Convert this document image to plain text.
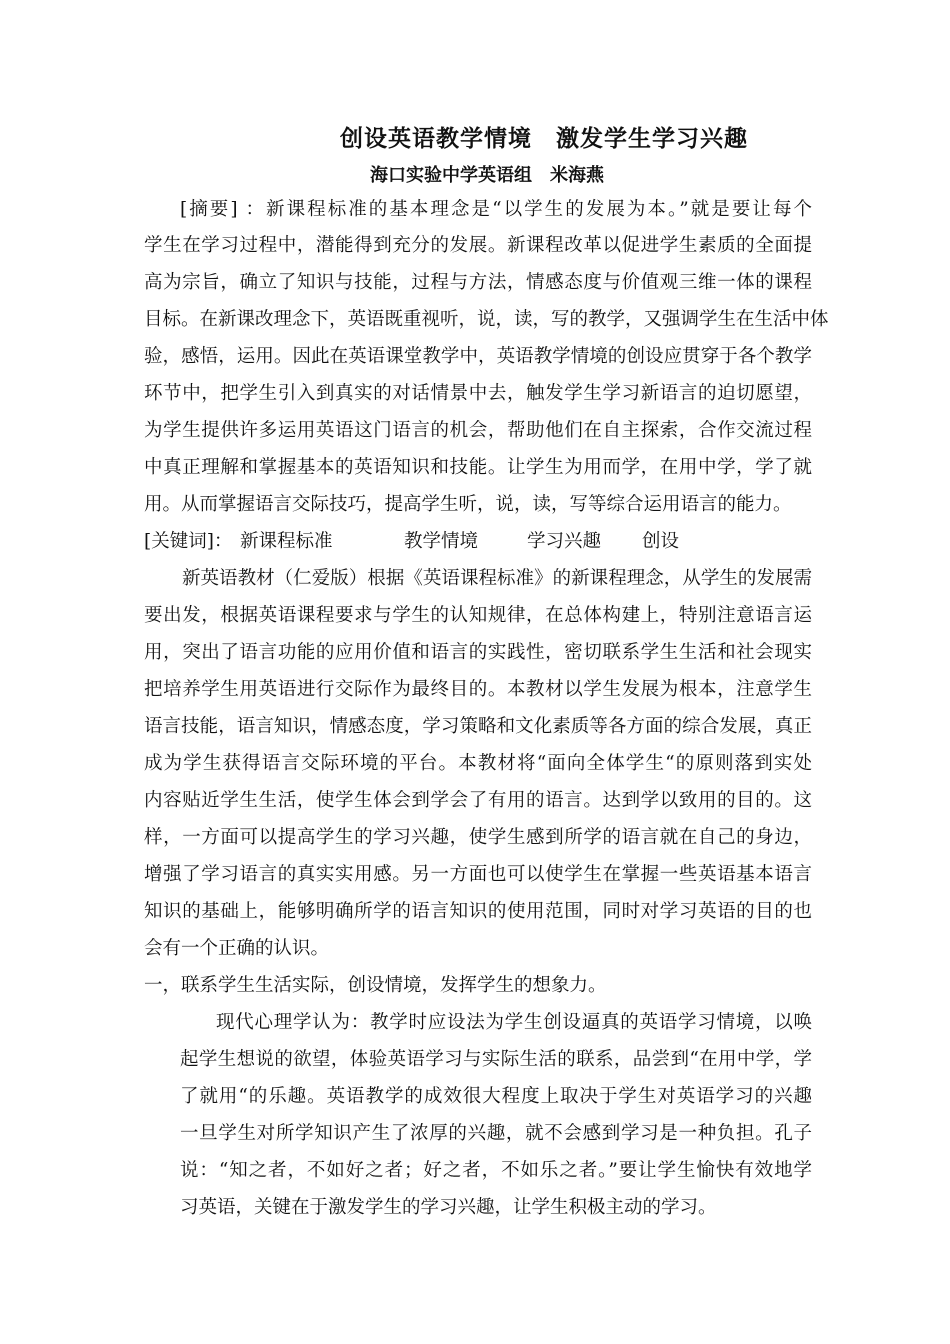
创设英语教学情境　激发学生学习兴趣
海口实验中学英语组　米海燕
[摘要] ：新课程标准的基本理念是“以学生的发展为本。”就是要让每个
学生在学习过程中，潜能得到充分的发展。新课程改革以促进学生素质的全面提
高为宗旨，确立了知识与技能，过程与方法，情感态度与价值观三维一体的课程
目标。在新课改理念下，英语既重视听，说，读，写的教学，又强调学生在生活中体
验，感悟，运用。因此在英语课堂教学中，英语教学情境的创设应贯穿于各个教学
环节中，把学生引入到真实的对话情景中去，触发学生学习新语言的迫切愿望，
为学生提供许多运用英语这门语言的机会，帮助他们在自主探索，合作交流过程
中真正理解和掌握基本的英语知识和技能。让学生为用而学，在用中学，学了就
用。从而掌握语言交际技巧，提高学生听，说，读，写等综合运用语言的能力。
[关键词]： 新课程标准	教学情境	学习兴趣 创设
新英语教材（仁爱版）根据《英语课程标准》的新课程理念，从学生的发展需
要出发，根据英语课程要求与学生的认知规律，在总体构建上，特别注意语言运
用，突出了语言功能的应用价值和语言的实践性，密切联系学生生活和社会现实
把培养学生用英语进行交际作为最终目的。本教材以学生发展为根本，注意学生
语言技能，语言知识，情感态度，学习策略和文化素质等各方面的综合发展，真正
成为学生获得语言交际环境的平台。本教材将“面向全体学生“的原则落到实处
内容贴近学生生活，使学生体会到学会了有用的语言。达到学以致用的目的。这
样，一方面可以提高学生的学习兴趣，使学生感到所学的语言就在自己的身边，
增强了学习语言的真实实用感。另一方面也可以使学生在掌握一些英语基本语言
知识的基础上，能够明确所学的语言知识的使用范围，同时对学习英语的目的也
会有一个正确的认识。
一，联系学生生活实际，创设情境，发挥学生的想象力。
现代心理学认为：教学时应设法为学生创设逼真的英语学习情境，以唤
起学生想说的欲望，体验英语学习与实际生活的联系，品尝到“在用中学，学
了就用“的乐趣。英语教学的成效很大程度上取决于学生对英语学习的兴趣
一旦学生对所学知识产生了浓厚的兴趣，就不会感到学习是一种负担。孔子
说：“知之者，不如好之者；好之者，不如乐之者。”要让学生愉快有效地学
习英语，关键在于激发学生的学习兴趣，让学生积极主动的学习。
